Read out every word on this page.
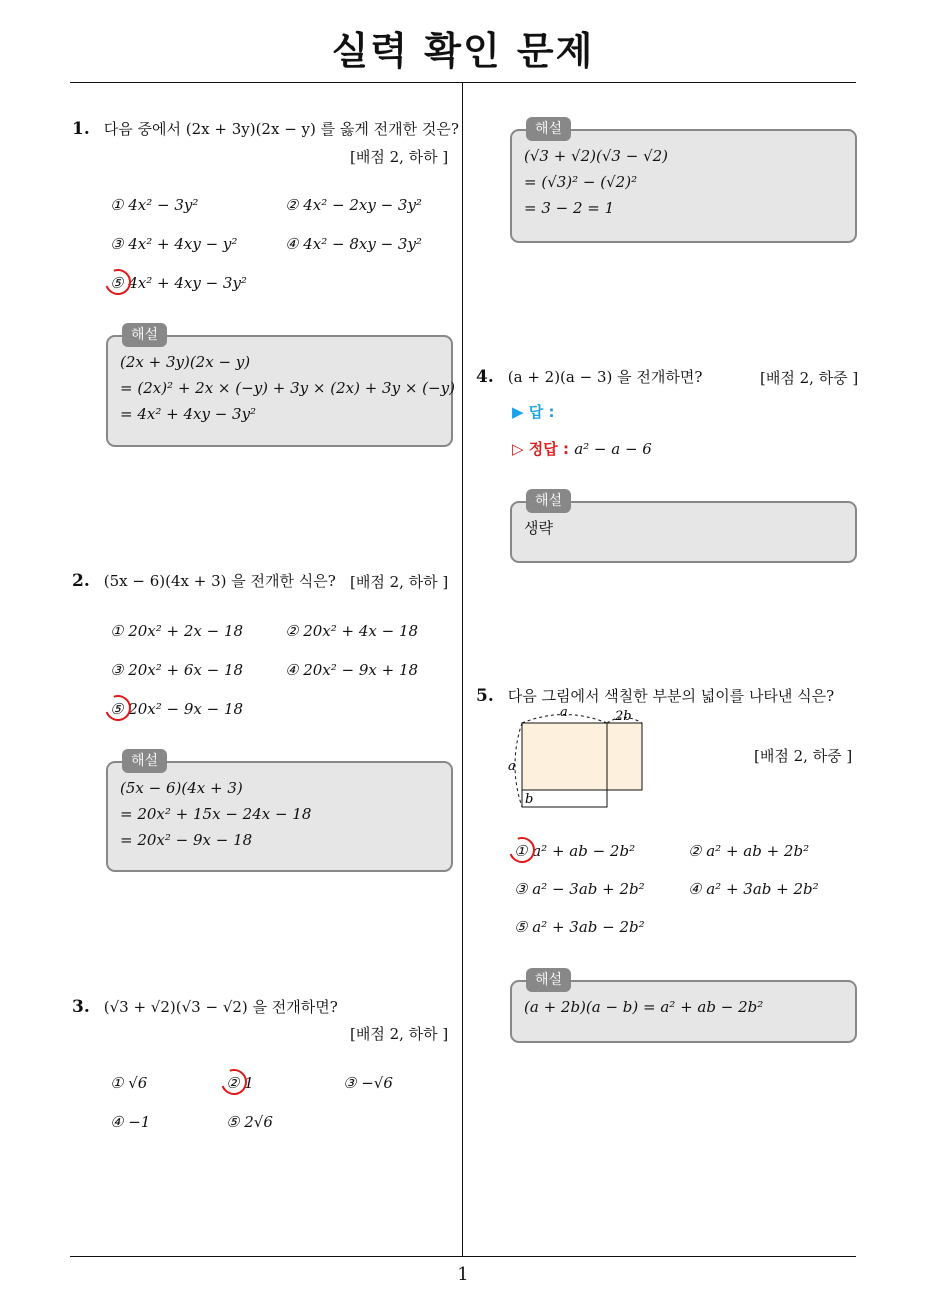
실력 확인 문제
1
1. 다음 중에서 (2x + 3y)(2x − y) 를 옳게 전개한 것은?
[배점 2, 하하 ]
① 4x² − 3y²	② 4x² − 2xy − 3y²
③ 4x² + 4xy − y²	④ 4x² − 8xy − 3y²
⑤ 4x² + 4xy − 3y²
해설
(2x + 3y)(2x − y)
= (2x)² + 2x × (−y) + 3y × (2x) + 3y × (−y)
= 4x² + 4xy − 3y²
2. (5x − 6)(4x + 3) 을 전개한 식은? [배점 2, 하하 ]
① 20x² + 2x − 18	② 20x² + 4x − 18
③ 20x² + 6x − 18	④ 20x² − 9x + 18
⑤ 20x² − 9x − 18
해설
(5x − 6)(4x + 3)
= 20x² + 15x − 24x − 18
= 20x² − 9x − 18
3. (√3 + √2)(√3 − √2) 을 전개하면?
[배점 2, 하하 ]
① √6	② 1	③ −√6
④ −1	⑤ 2√6
해설
(√3 + √2)(√3 − √2)
= (√3)² − (√2)²
= 3 − 2 = 1
4. (a + 2)(a − 3) 을 전개하면?	[배점 2, 하중 ]
▶ 답 :
▷ 정답 : a² − a − 6
해설
생략
5. 다음 그림에서 색칠한 부분의 넓이를 나타낸 식은?
a	2b
a
b
[배점 2, 하중 ]
① a² + ab − 2b²	② a² + ab + 2b²
③ a² − 3ab + 2b²	④ a² + 3ab + 2b²
⑤ a² + 3ab − 2b²
해설
(a + 2b)(a − b) = a² + ab − 2b²
